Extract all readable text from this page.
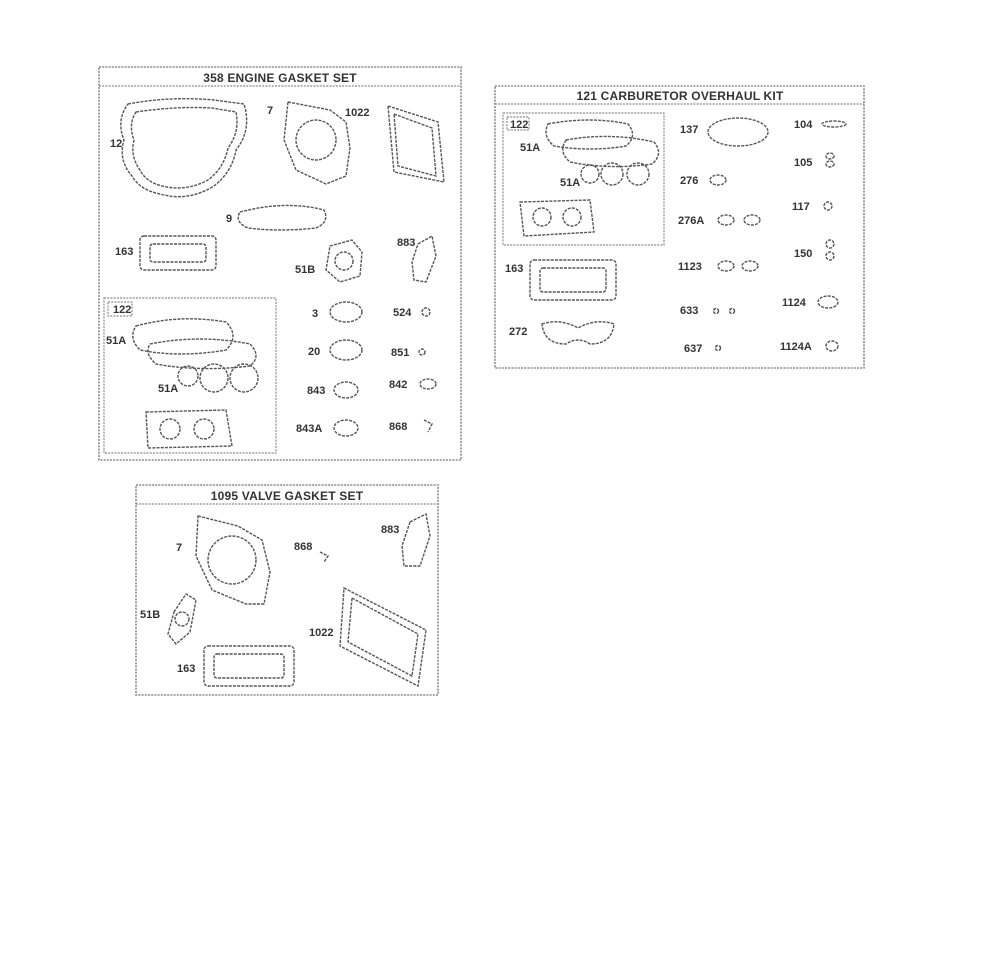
358 ENGINE GASKET SET
12
7	1022
9
163
51B
883
122
51A
51A
3	524
20	851
843	842
843A	868
121 CARBURETOR OVERHAUL KIT
122
51A
51A
137	104
105
276
117
276A
163	1123
150
633
1124
272
637	1124A
1095 VALVE GASKET SET
7	868
883
51B
1022
163
